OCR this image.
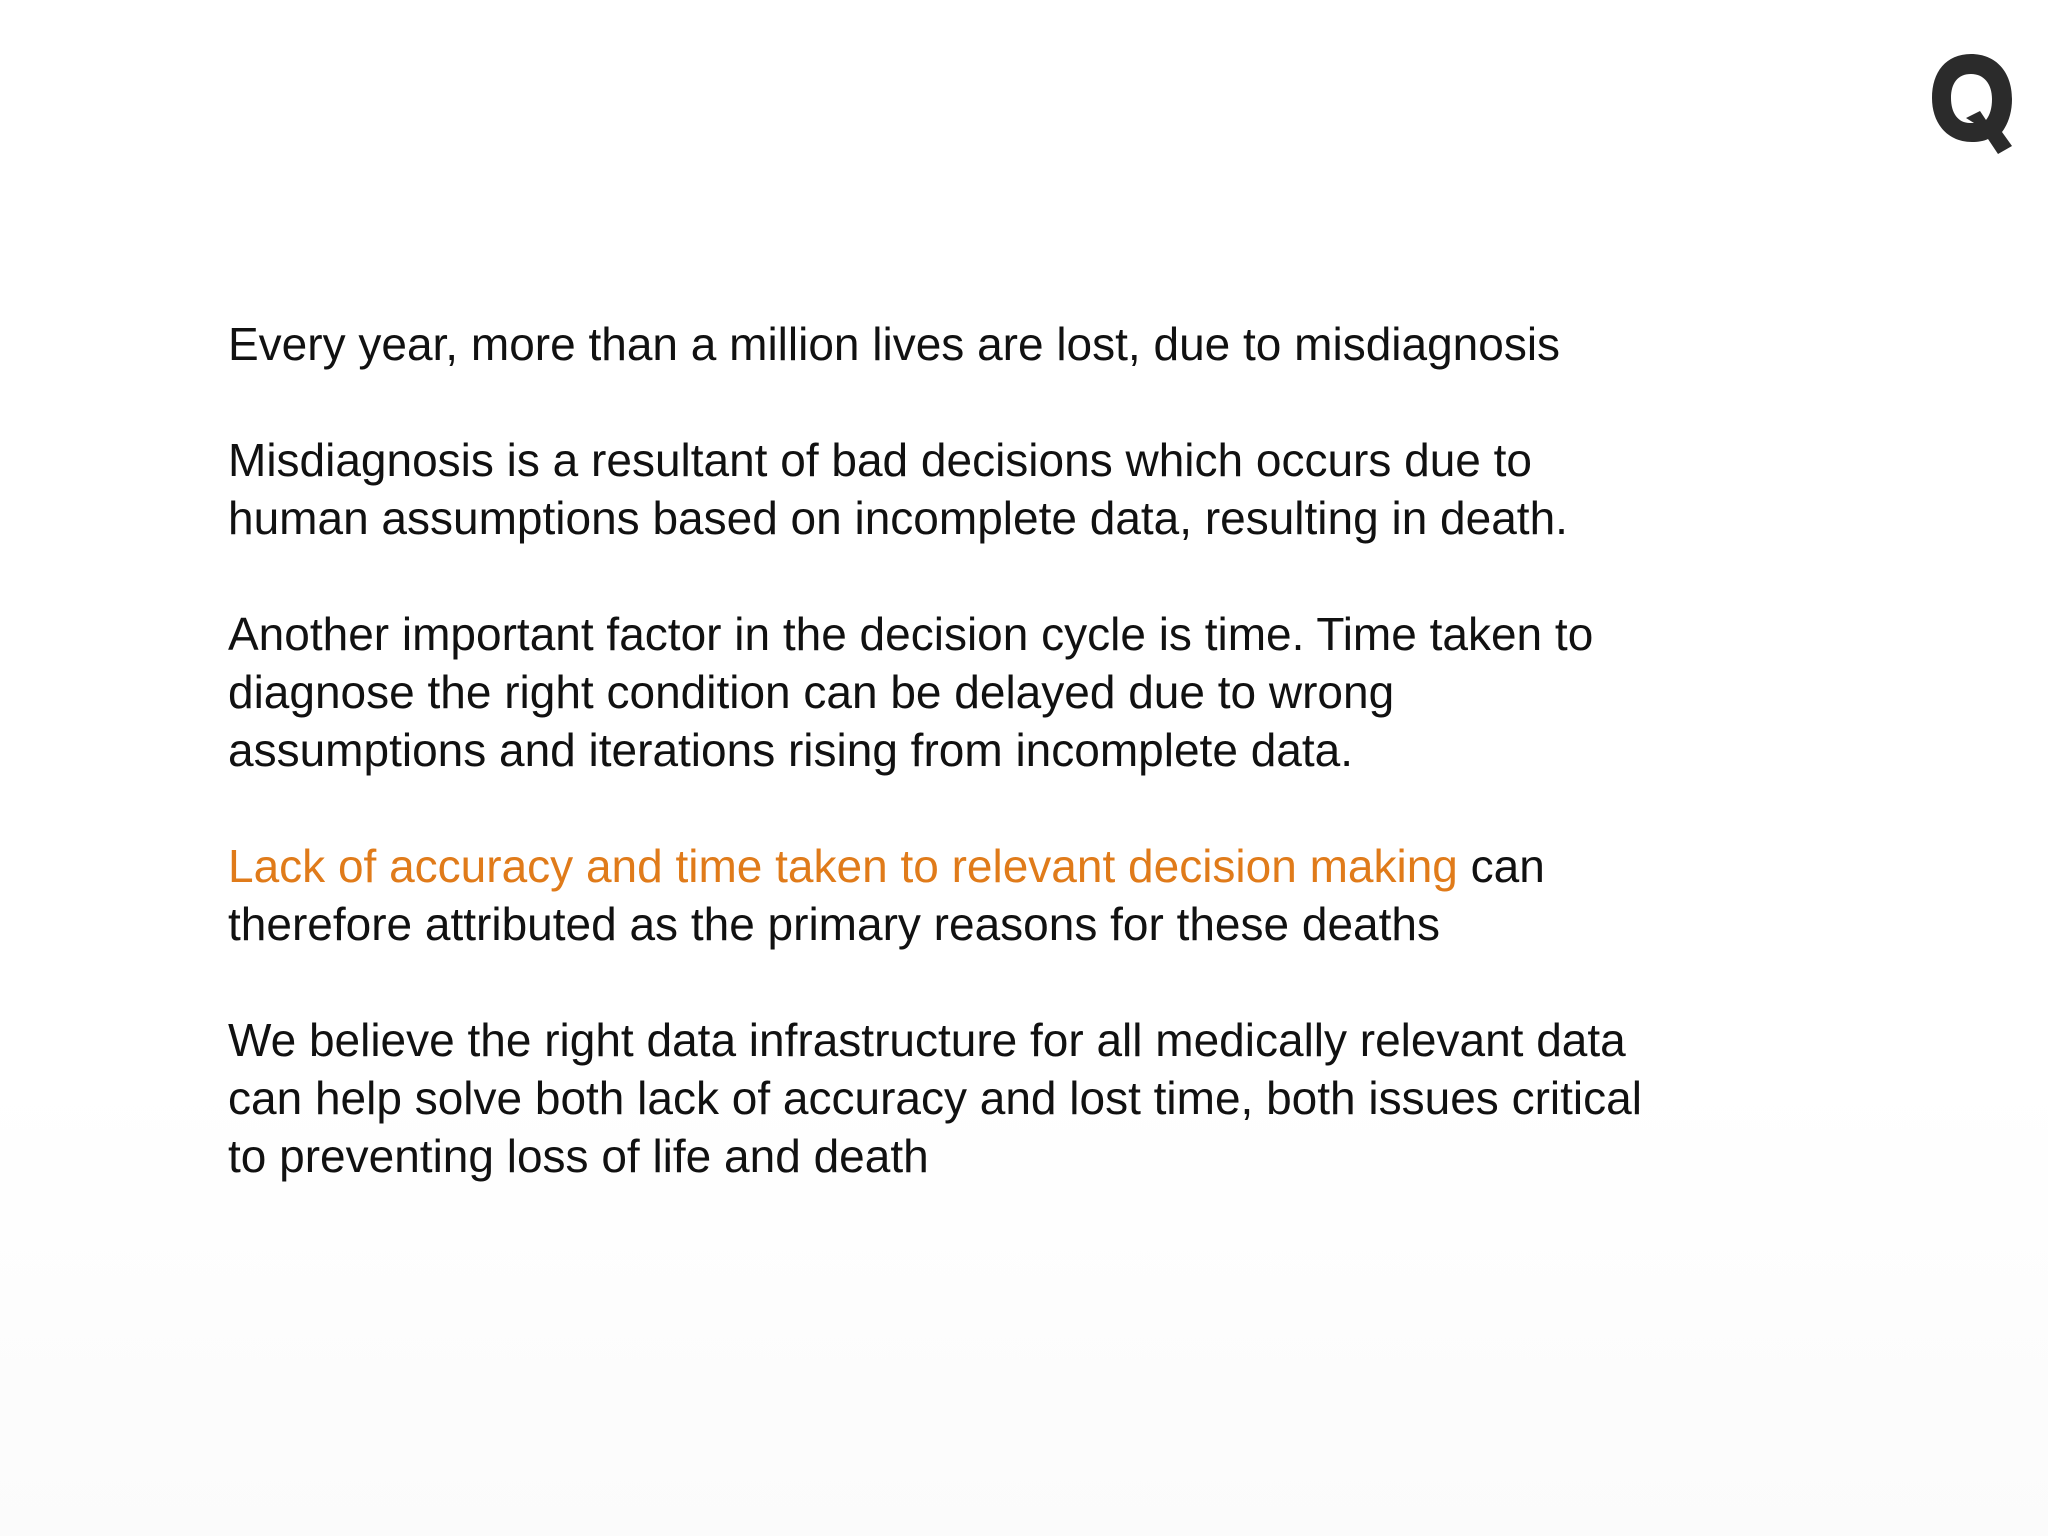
Every year, more than a million lives are lost, due to misdiagnosis

Misdiagnosis is a resultant of bad decisions which occurs due to
human assumptions based on incomplete data, resulting in death.

Another important factor in the decision cycle is time. Time taken to
diagnose the right condition can be delayed due to wrong
assumptions and iterations rising from incomplete data.

Lack of accuracy and time taken to relevant decision making can
therefore attributed as the primary reasons for these deaths

We believe the right data infrastructure for all medically relevant data
can help solve both lack of accuracy and lost time, both issues critical
to preventing loss of life and death
